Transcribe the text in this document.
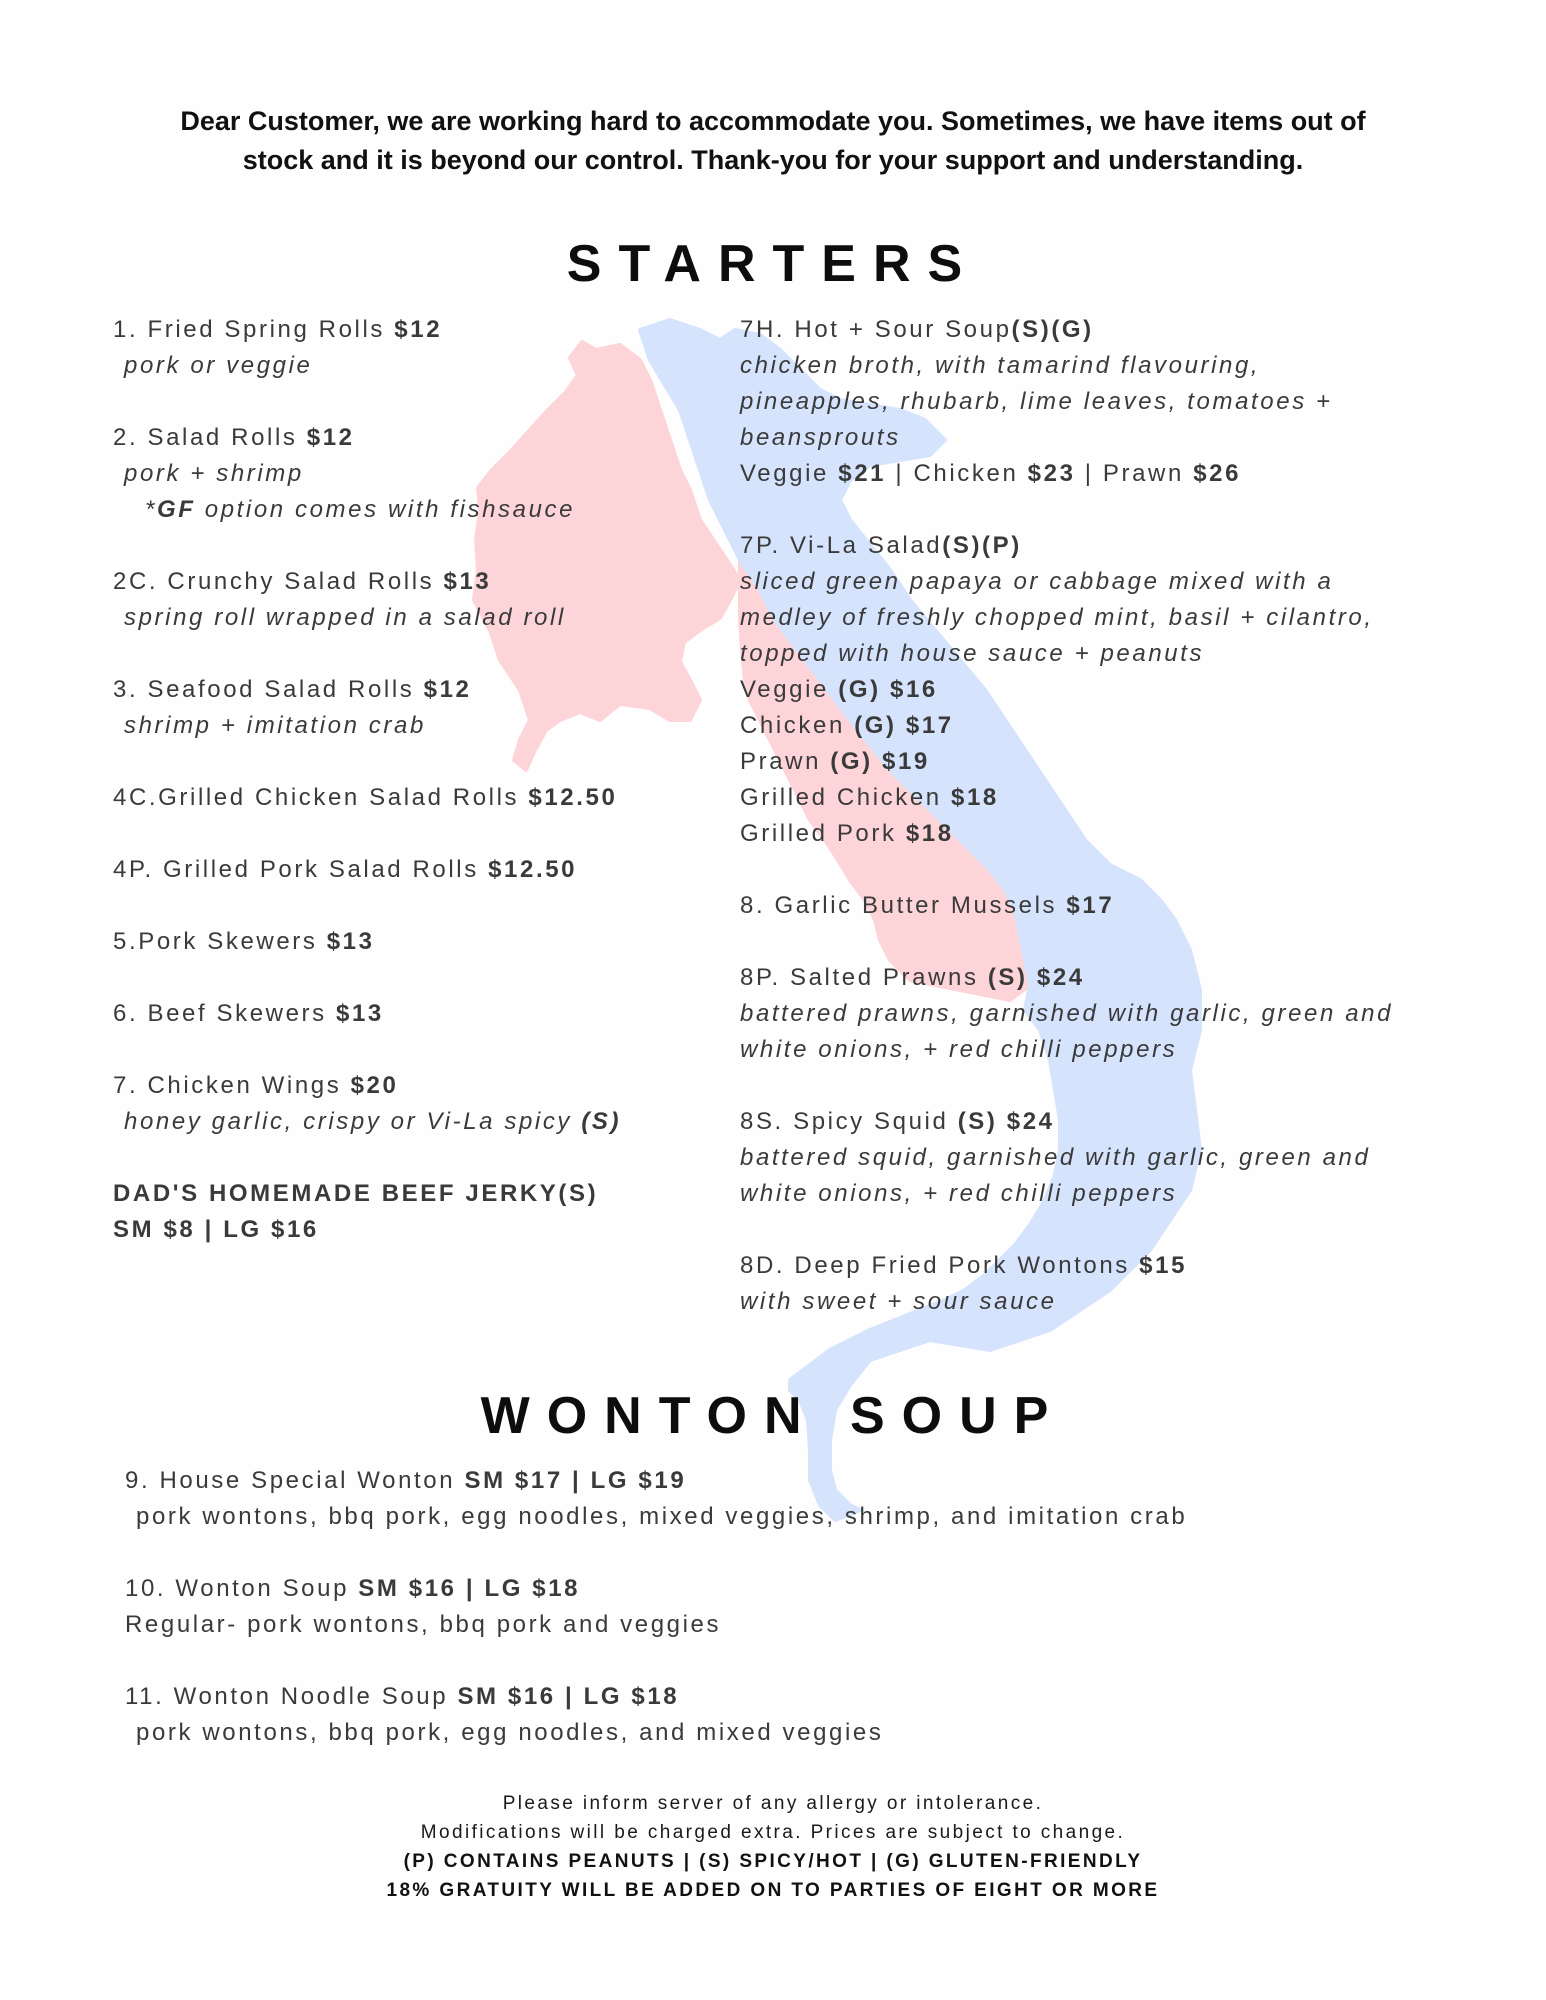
Dear Customer, we are working hard to accommodate you. Sometimes, we have items out of
stock and it is beyond our control. Thank-you for your support and understanding.
STARTERS
1. Fried Spring Rolls $12
pork or veggie
2. Salad Rolls $12
pork + shrimp
*GF option comes with fishsauce
2C. Crunchy Salad Rolls $13
spring roll wrapped in a salad roll
3. Seafood Salad Rolls $12
shrimp + imitation crab
4C.Grilled Chicken Salad Rolls $12.50
4P. Grilled Pork Salad Rolls $12.50
5.Pork Skewers $13
6. Beef Skewers $13
7. Chicken Wings $20
honey garlic, crispy or Vi-La spicy (S)
DAD'S HOMEMADE BEEF JERKY(S)
SM $8 | LG $16
7H. Hot + Sour Soup(S)(G)
chicken broth, with tamarind flavouring,
pineapples, rhubarb, lime leaves, tomatoes +
beansprouts
Veggie $21 | Chicken $23 | Prawn $26
7P. Vi-La Salad(S)(P)
sliced green papaya or cabbage mixed with a
medley of freshly chopped mint, basil + cilantro,
topped with house sauce + peanuts
Veggie (G) $16
Chicken (G) $17
Prawn (G) $19
Grilled Chicken $18
Grilled Pork $18
8. Garlic Butter Mussels $17
8P. Salted Prawns (S) $24
battered prawns, garnished with garlic, green and
white onions, + red chilli peppers
8S. Spicy Squid (S) $24
battered squid, garnished with garlic, green and
white onions, + red chilli peppers
8D. Deep Fried Pork Wontons $15
with sweet + sour sauce
WONTON SOUP
9. House Special Wonton SM $17 | LG $19
pork wontons, bbq pork, egg noodles, mixed veggies, shrimp, and imitation crab
10. Wonton Soup SM $16 | LG $18
Regular- pork wontons, bbq pork and veggies
11. Wonton Noodle Soup SM $16 | LG $18
pork wontons, bbq pork, egg noodles, and mixed veggies
Please inform server of any allergy or intolerance.
Modifications will be charged extra. Prices are subject to change.
(P) CONTAINS PEANUTS | (S) SPICY/HOT | (G) GLUTEN-FRIENDLY
18% GRATUITY WILL BE ADDED ON TO PARTIES OF EIGHT OR MORE
